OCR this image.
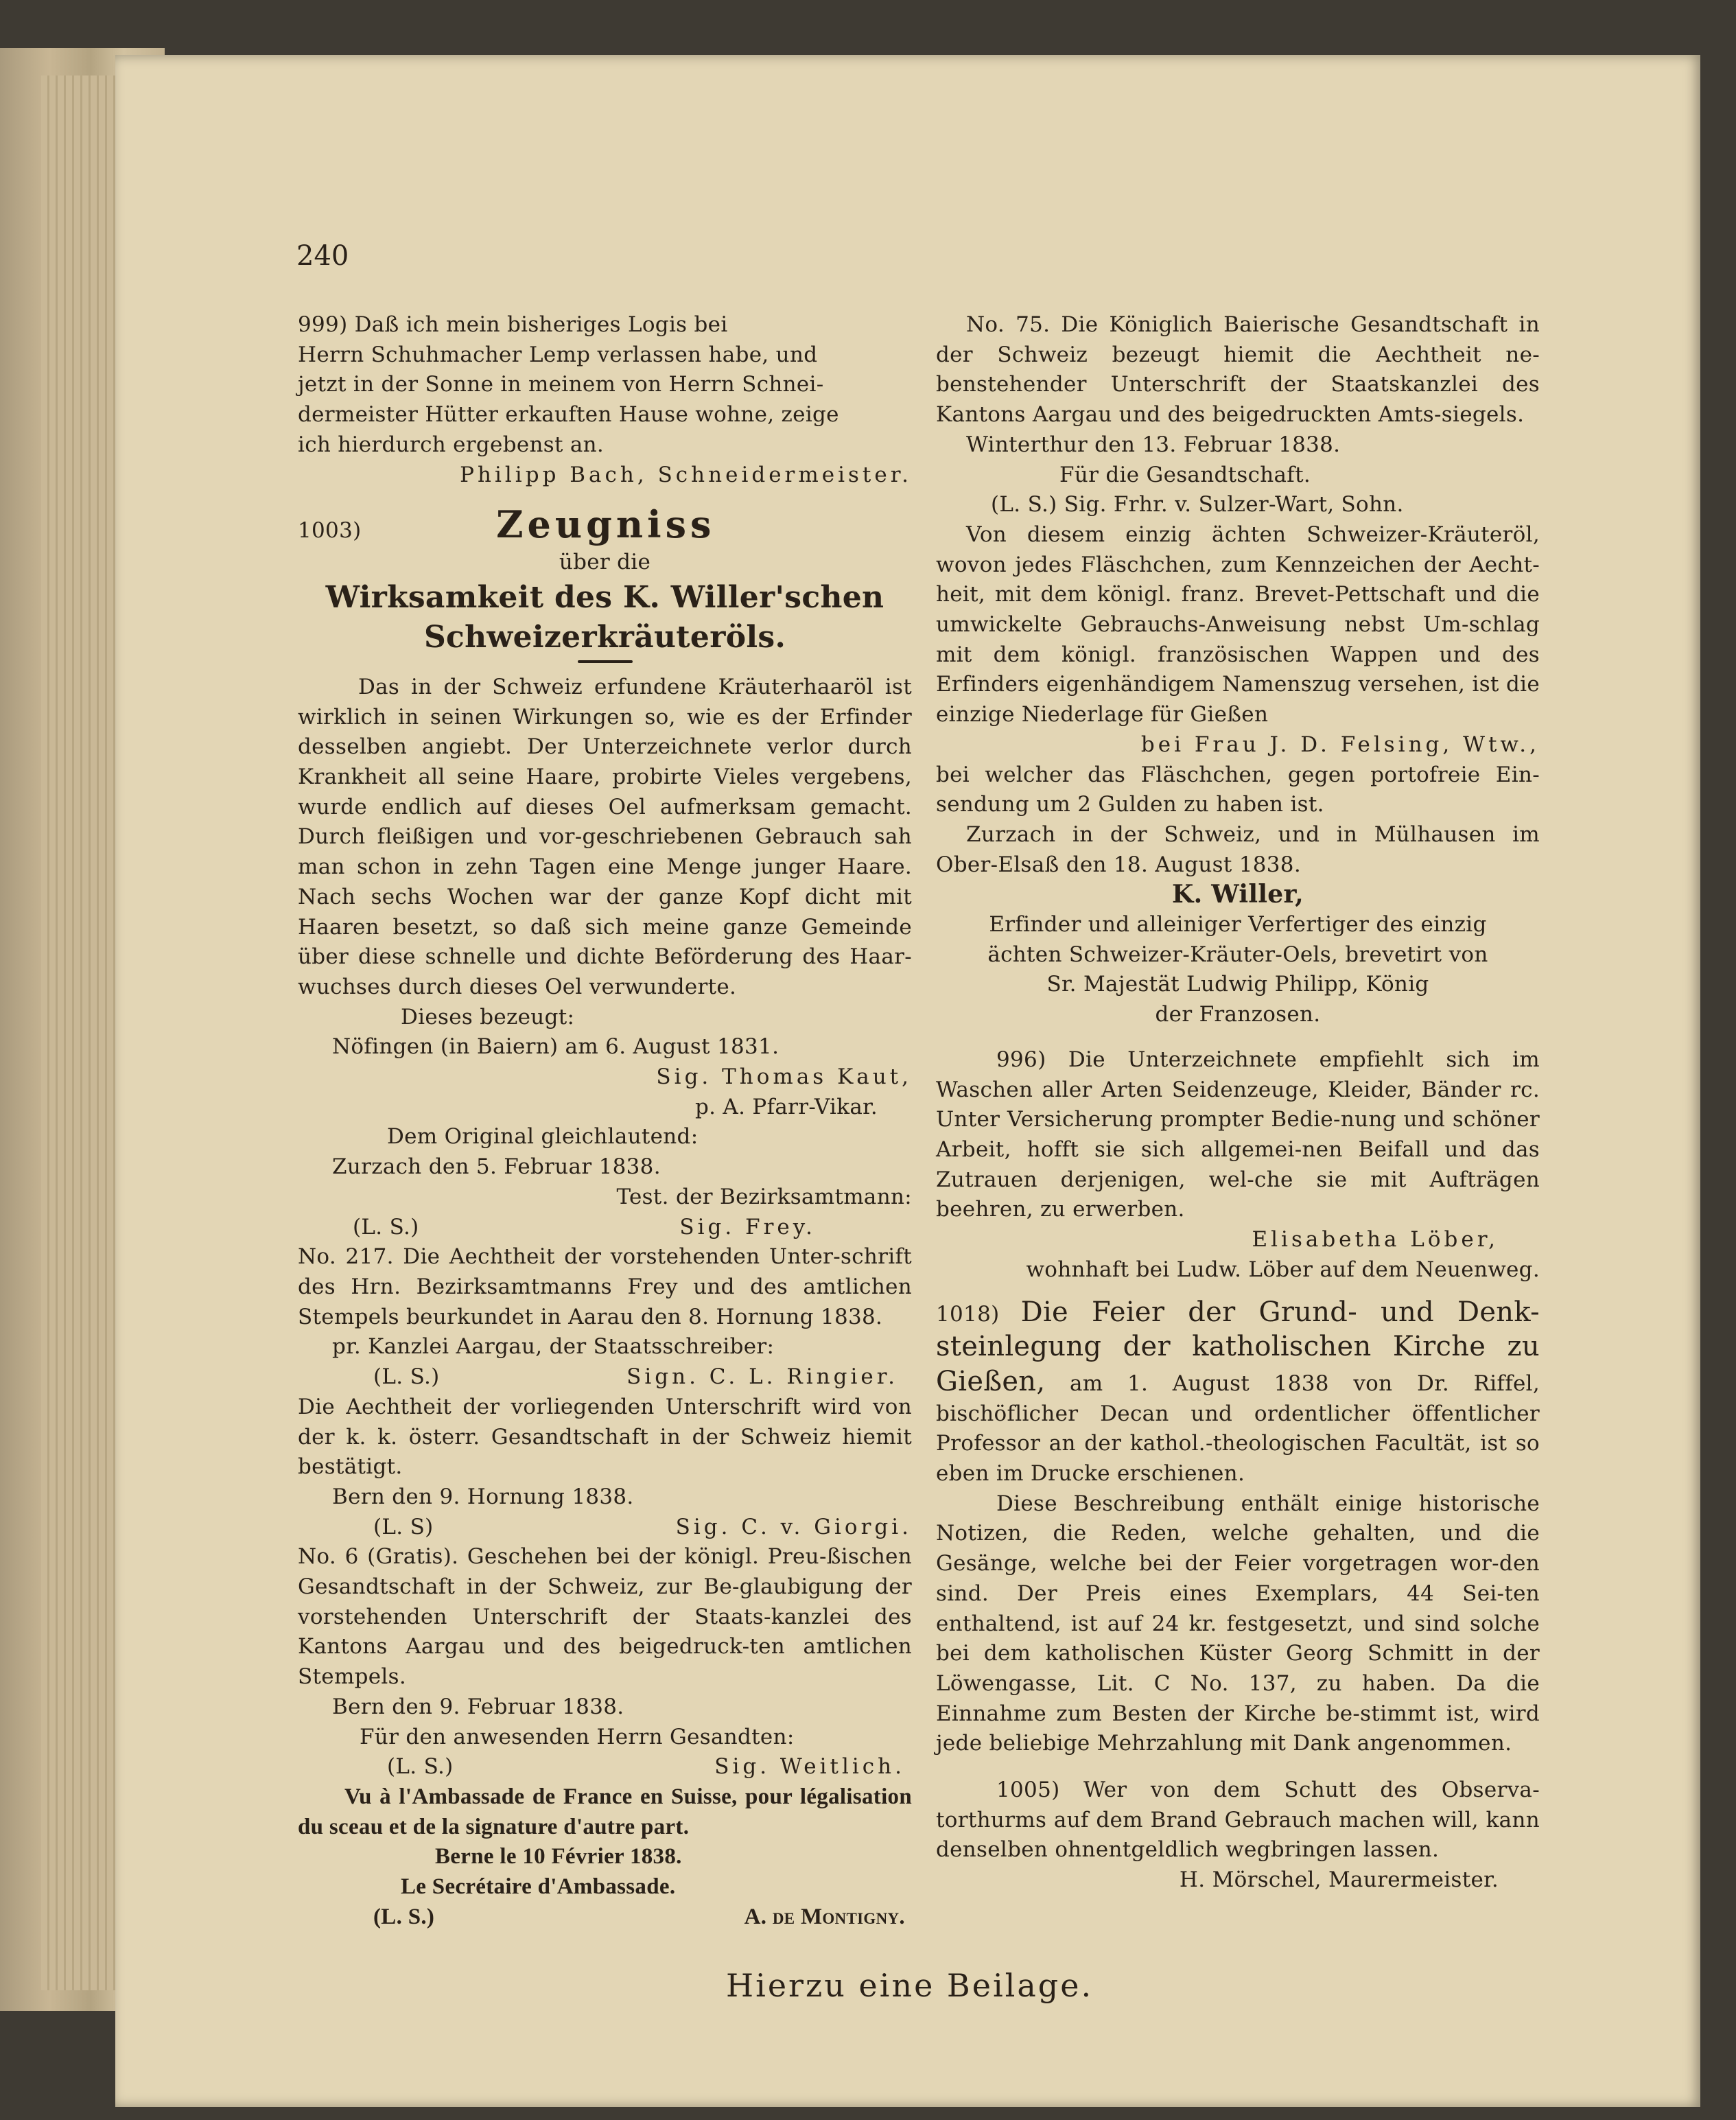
240

999) Daß ich mein bisheriges Logis bei
Herrn Schuhmacher Lemp verlassen habe, und
jetzt in der Sonne in meinem von Herrn Schnei-
dermeister Hütter erkauften Hause wohne, zeige
ich hierdurch ergebenst an.

Philipp Bach, Schneidermeister.

1003)	Zeugniss

über die

Wirksamkeit des K. Willer'schen

Schweizerkräuteröls.

Das in der Schweiz erfundene Kräuterhaaröl ist wirklich in seinen Wirkungen so, wie es der Erfinder desselben angiebt. Der Unterzeichnete verlor durch Krankheit all seine Haare, probirte Vieles vergebens, wurde endlich auf dieses Oel aufmerksam gemacht. Durch fleißigen und vor-geschriebenen Gebrauch sah man schon in zehn Tagen eine Menge junger Haare. Nach sechs Wochen war der ganze Kopf dicht mit Haaren besetzt, so daß sich meine ganze Gemeinde über diese schnelle und dichte Beförderung des Haar-wuchses durch dieses Oel verwunderte.

Dieses bezeugt:

Nöfingen (in Baiern) am 6. August 1831.

Sig. Thomas Kaut,

p. A. Pfarr-Vikar.

Dem Original gleichlautend:

Zurzach den 5. Februar 1838.

Test. der Bezirksamtmann:

(L. S.)	Sig. Frey.

No. 217. Die Aechtheit der vorstehenden Unter-schrift des Hrn. Bezirksamtmanns Frey und des amtlichen Stempels beurkundet in Aarau den 8. Hornung 1838.

pr. Kanzlei Aargau, der Staatsschreiber:

(L. S.)	Sign. C. L. Ringier.

Die Aechtheit der vorliegenden Unterschrift wird von der k. k. österr. Gesandtschaft in der Schweiz hiemit bestätigt.

Bern den 9. Hornung 1838.

(L. S)	Sig. C. v. Giorgi.

No. 6 (Gratis). Geschehen bei der königl. Preu-ßischen Gesandtschaft in der Schweiz, zur Be-glaubigung der vorstehenden Unterschrift der Staats-kanzlei des Kantons Aargau und des beigedruck-ten amtlichen Stempels.

Bern den 9. Februar 1838.

Für den anwesenden Herrn Gesandten:

(L. S.)	Sig. Weitlich.

Vu à l'Ambassade de France en Suisse, pour légalisation du sceau et de la signature d'autre part.

Berne le 10 Février 1838.

Le Secrétaire d'Ambassade.

(L. S.)	A. de Montigny.

No. 75. Die Königlich Baierische Gesandtschaft in der Schweiz bezeugt hiemit die Aechtheit ne-benstehender Unterschrift der Staatskanzlei des Kantons Aargau und des beigedruckten Amts-siegels.

Winterthur den 13. Februar 1838.

Für die Gesandtschaft.

(L. S.) Sig. Frhr. v. Sulzer-Wart, Sohn.

Von diesem einzig ächten Schweizer-Kräuteröl, wovon jedes Fläschchen, zum Kennzeichen der Aecht-heit, mit dem königl. franz. Brevet-Pettschaft und die umwickelte Gebrauchs-Anweisung nebst Um-schlag mit dem königl. französischen Wappen und des Erfinders eigenhändigem Namenszug versehen, ist die einzige Niederlage für Gießen

bei Frau J. D. Felsing, Wtw.,

bei welcher das Fläschchen, gegen portofreie Ein-sendung um 2 Gulden zu haben ist.

Zurzach in der Schweiz, und in Mülhausen im Ober-Elsaß den 18. August 1838.

K. Willer,

Erfinder und alleiniger Verfertiger des einzig

ächten Schweizer-Kräuter-Oels, brevetirt von

Sr. Majestät Ludwig Philipp, König

der Franzosen.

996) Die Unterzeichnete empfiehlt sich im Waschen aller Arten Seidenzeuge, Kleider, Bänder rc. Unter Versicherung prompter Bedie-nung und schöner Arbeit, hofft sie sich allgemei-nen Beifall und das Zutrauen derjenigen, wel-che sie mit Aufträgen beehren, zu erwerben.

Elisabetha Löber,

wohnhaft bei Ludw. Löber auf dem Neuenweg.

1018) Die Feier der Grund- und Denk-steinlegung der katholischen Kirche zu Gießen, am 1. August 1838 von Dr. Riffel, bischöflicher Decan und ordentlicher öffentlicher Professor an der kathol.-theologischen Facultät, ist so eben im Drucke erschienen.

Diese Beschreibung enthält einige historische Notizen, die Reden, welche gehalten, und die Gesänge, welche bei der Feier vorgetragen wor-den sind. Der Preis eines Exemplars, 44 Sei-ten enthaltend, ist auf 24 kr. festgesetzt, und sind solche bei dem katholischen Küster Georg Schmitt in der Löwengasse, Lit. C No. 137, zu haben. Da die Einnahme zum Besten der Kirche be-stimmt ist, wird jede beliebige Mehrzahlung mit Dank angenommen.

1005) Wer von dem Schutt des Observa-torthurms auf dem Brand Gebrauch machen will, kann denselben ohnentgeldlich wegbringen lassen.

H. Mörschel, Maurermeister.

Hierzu eine Beilage.
